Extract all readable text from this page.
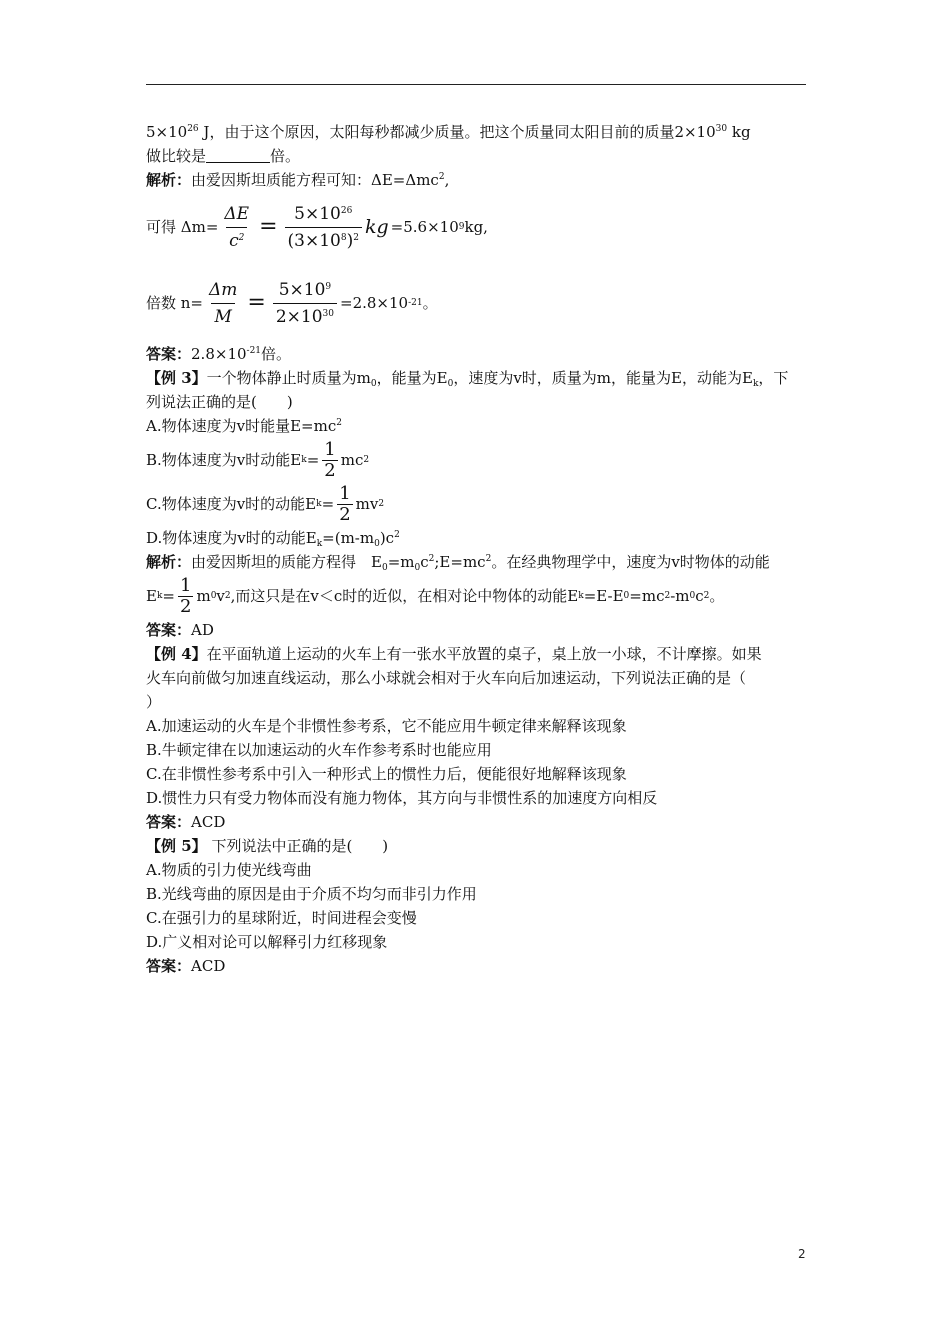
$5\times 10^{26}$ J，由于这个原因，太阳每秒都减少质量。把这个质量同太阳目前的质量$2\times 10^{30}$ kg
做比较是	倍。
解析：由爱因斯坦质能方程可知：ΔE=Δmc$^2$,
可得 $\Delta m= \frac{\Delta E}{c^2} = \frac{5\times 10^{26}}{(3\times 10^8)^2}$ kg =5.6×10 9 kg,
倍数 $n= \frac{\Delta m}{M} = \frac{5\times 10^9}{2\times 10^{30}} =2.8\times 10$ -21 。
答案：$2.8\times 10^{-21}$倍。
【例 3】一个物体静止时质量为$m_0$，能量为$E_0$，速度为v时，质量为m，能量为E，动能为$E_k$，下
列说法正确的是(　　)
A.物体速度为v时能量$E=mc^2$
B.物体速度为v时动能E $k = \frac{1}{2}$ mc 2
C.物体速度为v时的动能E $k = \frac{1}{2}$ mv 2
D.物体速度为v时的动能$E_k=(m-m_0)c^2$
解析：由爱因斯坦的质能方程得　$E_0=m_0c^2;E=mc^2$。在经典物理学中，速度为v时物体的动能
E $k = \frac{1}{2}$ m 0 v 2 ,而这只是在v＜c时的近似，在相对论中物体的动能E k =E-E 0 =mc 2 -m 0 c 2 。
答案：AD
【例 4】在平面轨道上运动的火车上有一张水平放置的桌子，桌上放一小球，不计摩擦。如果
火车向前做匀加速直线运动，那么小球就会相对于火车向后加速运动，下列说法正确的是（
）
A.加速运动的火车是个非惯性参考系，它不能应用牛顿定律来解释该现象
B.牛顿定律在以加速运动的火车作参考系时也能应用
C.在非惯性参考系中引入一种形式上的惯性力后，便能很好地解释该现象
D.惯性力只有受力物体而没有施力物体，其方向与非惯性系的加速度方向相反
答案：ACD
【例 5】 下列说法中正确的是(　　)
A.物质的引力使光线弯曲
B.光线弯曲的原因是由于介质不均匀而非引力作用
C.在强引力的星球附近，时间进程会变慢
D.广义相对论可以解释引力红移现象
答案：ACD
2
